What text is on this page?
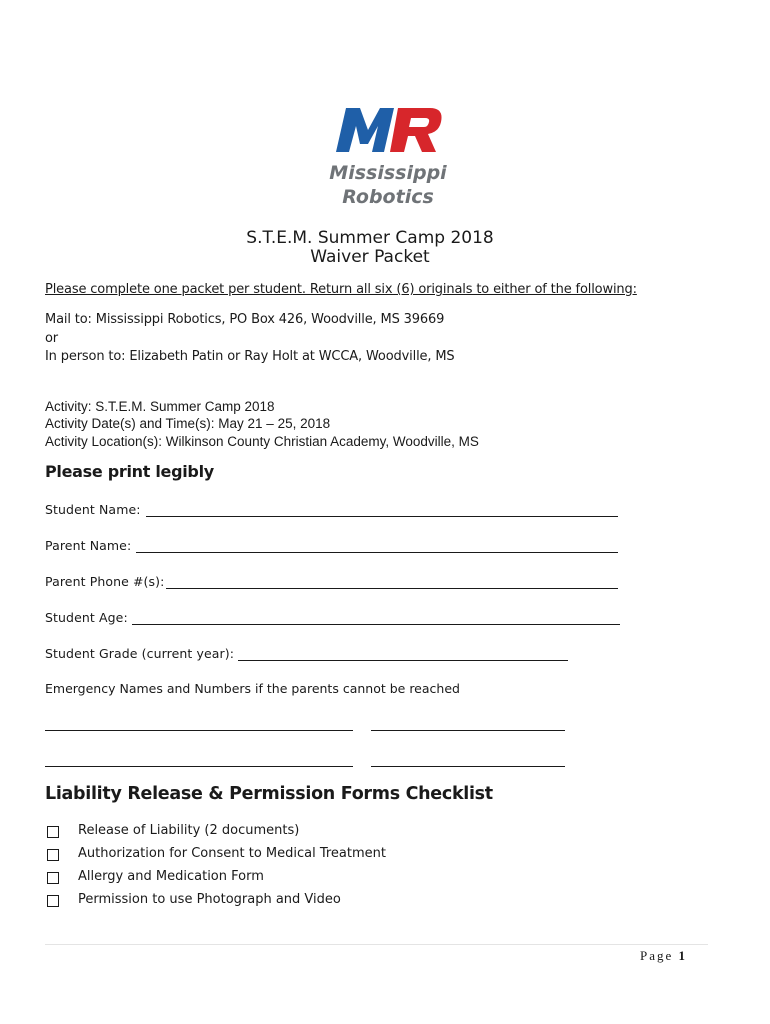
Mississippi
Robotics
S.T.E.M. Summer Camp 2018
Waiver Packet
Please complete one packet per student. Return all six (6) originals to either of the following:
Mail to: Mississippi Robotics, PO Box 426, Woodville, MS 39669
or
In person to: Elizabeth Patin or Ray Holt at WCCA, Woodville, MS
Activity: S.T.E.M. Summer Camp 2018
Activity Date(s) and Time(s): May 21 – 25, 2018
Activity Location(s): Wilkinson County Christian Academy, Woodville, MS
Please print legibly
Student Name:
Parent Name:
Parent Phone #(s):
Student Age:
Student Grade (current year):
Emergency Names and Numbers if the parents cannot be reached
Liability Release & Permission Forms Checklist
Release of Liability (2 documents)
Authorization for Consent to Medical Treatment
Allergy and Medication Form
Permission to use Photograph and Video
Page 1
